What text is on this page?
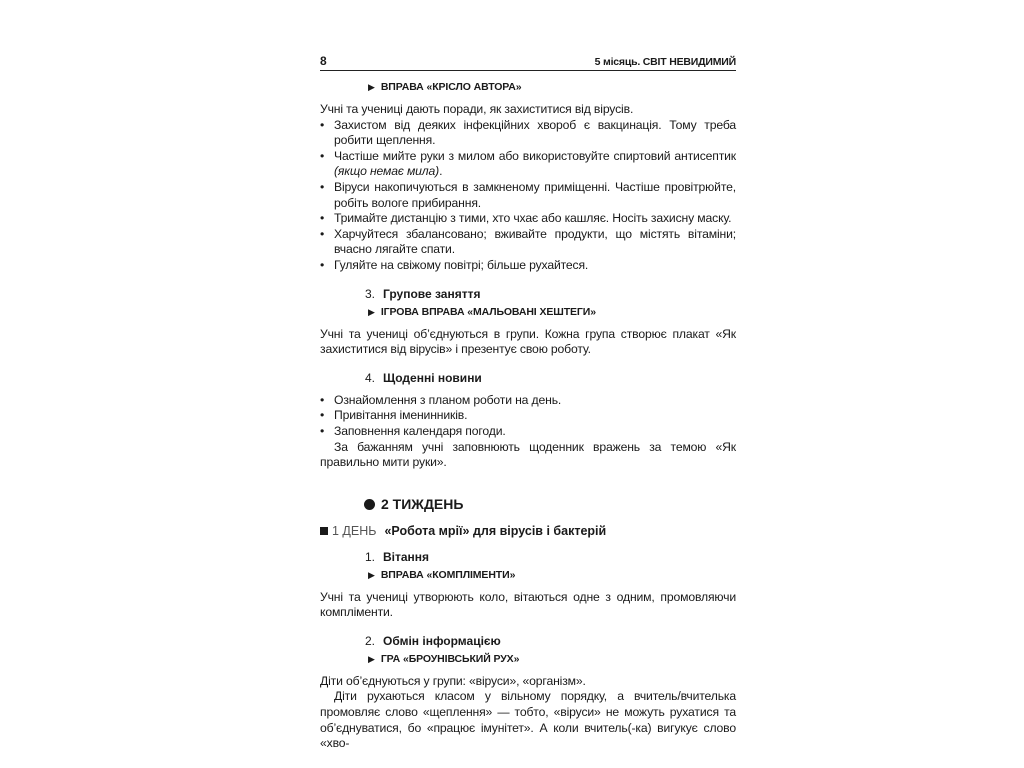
8	5 місяць. СВІТ НЕВИДИМИЙ
▶ ВПРАВА «КРІСЛО АВТОРА»
Учні та учениці дають поради, як захиститися від вірусів.
• Захистом від деяких інфекційних хвороб є вакцинація. Тому треба робити щеплення.
• Частіше мийте руки з милом або використовуйте спиртовий антисептик (якщо немає мила).
• Віруси накопичуються в замкненому приміщенні. Частіше провітрюйте, робіть вологе прибирання.
• Тримайте дистанцію з тими, хто чхає або кашляє. Носіть захисну маску.
• Харчуйтеся збалансовано; вживайте продукти, що містять вітаміни; вчасно лягайте спати.
• Гуляйте на свіжому повітрі; більше рухайтеся.
3. Групове заняття
▶ ІГРОВА ВПРАВА «МАЛЬОВАНІ ХЕШТЕГИ»
Учні та учениці об’єднуються в групи. Кожна група створює плакат «Як захиститися від вірусів» і презентує свою роботу.
4. Щоденні новини
• Ознайомлення з планом роботи на день.
• Привітання іменинників.
• Заповнення календаря погоди.
За бажанням учні заповнюють щоденник вражень за темою «Як правильно мити руки».
2 ТИЖДЕНЬ
1 ДЕНЬ «Робота мрії» для вірусів і бактерій
1. Вітання
▶ ВПРАВА «КОМПЛІМЕНТИ»
Учні та учениці утворюють коло, вітаються одне з одним, промовляючи компліменти.
2. Обмін інформацією
▶ ГРА «БРОУНІВСЬКИЙ РУХ»
Діти об’єднуються у групи: «віруси», «організм».
Діти рухаються класом у вільному порядку, а вчитель/вчителька промовляє слово «щеплення» — тобто, «віруси» не можуть рухатися та об’єднуватися, бо «працює імунітет». А коли вчитель(-ка) вигукує слово «хво-
